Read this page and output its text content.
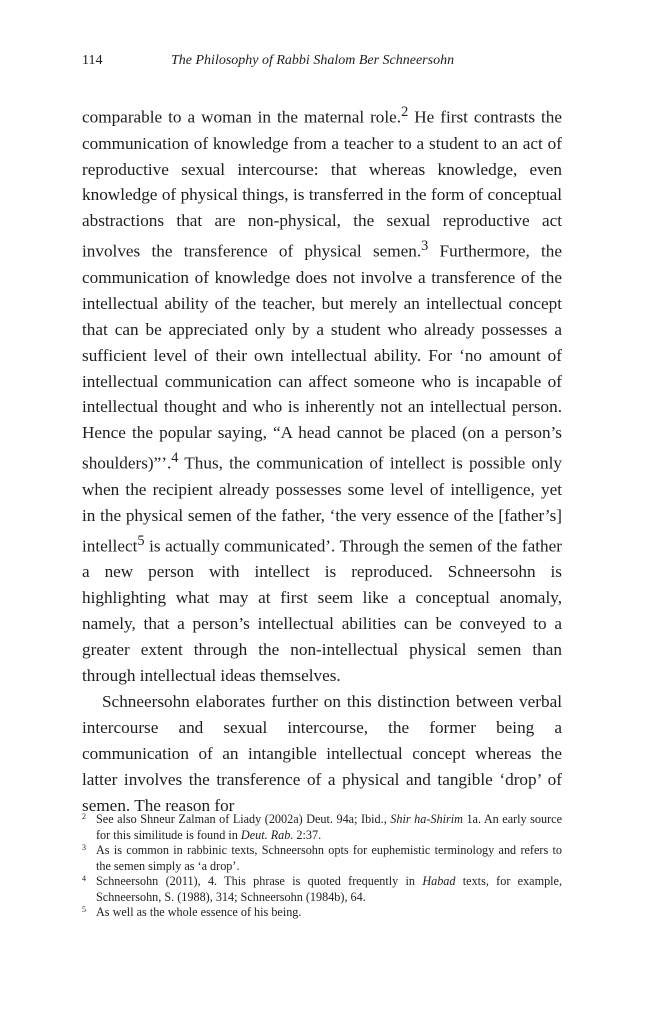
114	The Philosophy of Rabbi Shalom Ber Schneersohn

comparable to a woman in the maternal role.$^2$ He first contrasts the communication of knowledge from a teacher to a student to an act of reproductive sexual intercourse: that whereas knowledge, even knowledge of physical things, is transferred in the form of conceptual abstractions that are non-physical, the sexual reproductive act involves the transference of physical semen.$^3$ Furthermore, the communication of knowledge does not involve a transference of the intellectual ability of the teacher, but merely an intellectual concept that can be appreciated only by a student who already possesses a sufficient level of their own intellectual ability. For ‘no amount of intellectual communication can affect someone who is incapable of intellectual thought and who is inherently not an intellectual person. Hence the popular saying, “A head cannot be placed (on a person’s shoulders)”’.$^4$ Thus, the communication of intellect is possible only when the recipient already possesses some level of intelligence, yet in the physical semen of the father, ‘the very essence of the [father’s] intellect$^5$ is actually communicated’. Through the semen of the father a new person with intellect is reproduced. Schneersohn is highlighting what may at first seem like a conceptual anomaly, namely, that a person’s intellectual abilities can be conveyed to a greater extent through the non-intellectual physical semen than through intellectual ideas themselves.

Schneersohn elaborates further on this distinction between verbal intercourse and sexual intercourse, the former being a communication of an intangible intellectual concept whereas the latter involves the transference of a physical and tangible ‘drop’ of semen. The reason for

2 See also Shneur Zalman of Liady (2002a) Deut. 94a; Ibid., Shir ha-Shirim 1a. An early source for this similitude is found in Deut. Rab. 2:37.
3 As is common in rabbinic texts, Schneersohn opts for euphemistic terminology and refers to the semen simply as ‘a drop’.
4 Schneersohn (2011), 4. This phrase is quoted frequently in Habad texts, for example, Schneersohn, S. (1988), 314; Schneersohn (1984b), 64.
5 As well as the whole essence of his being.
